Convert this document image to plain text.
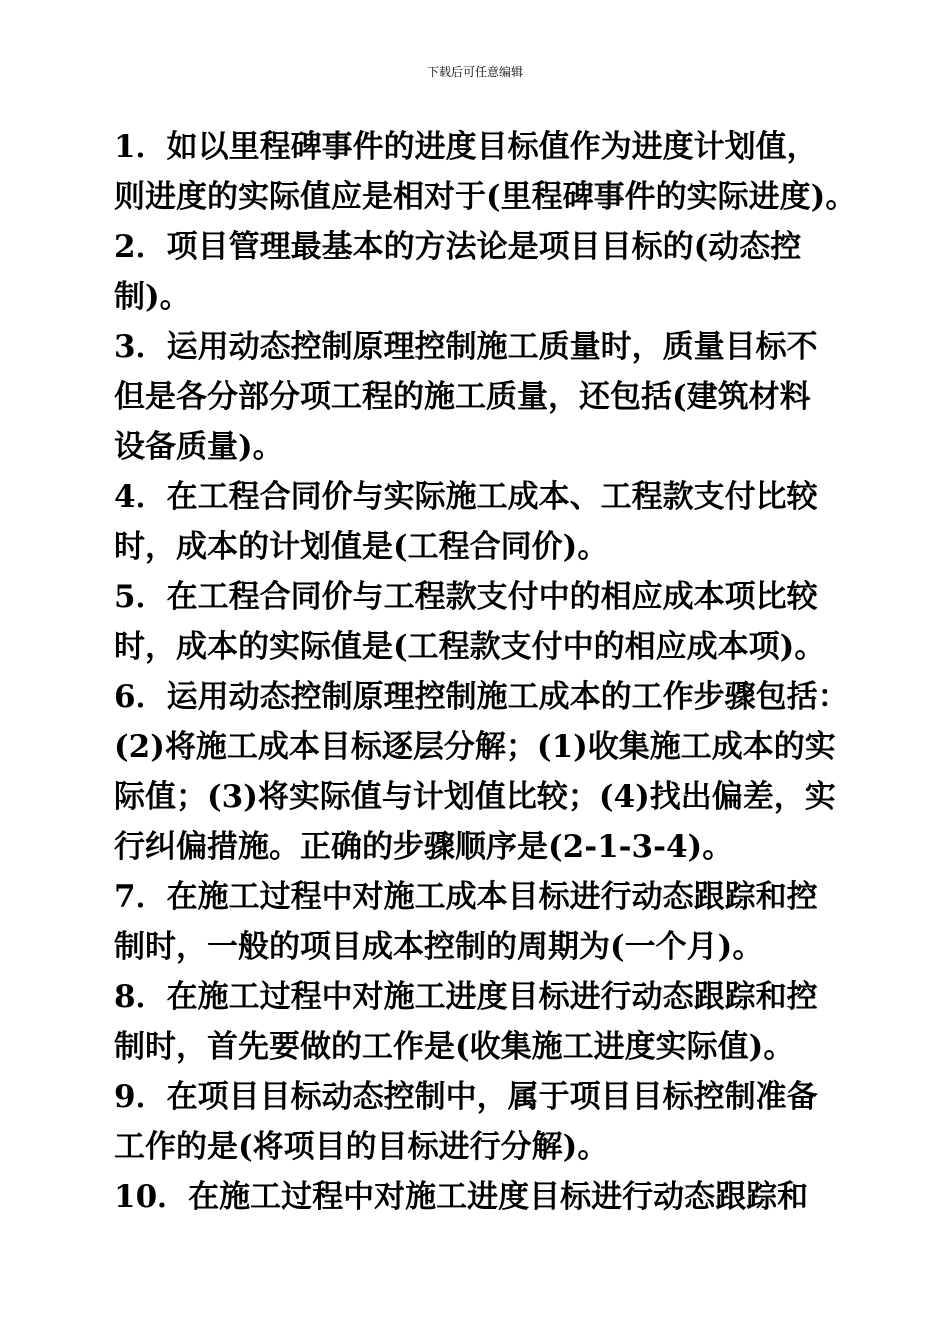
下载后可任意编辑
1．如以里程碑事件的进度目标值作为进度计划值，
则进度的实际值应是相对于(里程碑事件的实际进度)。
2．项目管理最基本的方法论是项目目标的(动态控
制)。
3．运用动态控制原理控制施工质量时，质量目标不
但是各分部分项工程的施工质量，还包括(建筑材料
设备质量)。
4．在工程合同价与实际施工成本、工程款支付比较
时，成本的计划值是(工程合同价)。
5．在工程合同价与工程款支付中的相应成本项比较
时，成本的实际值是(工程款支付中的相应成本项)。
6．运用动态控制原理控制施工成本的工作步骤包括：
(2)将施工成本目标逐层分解；(1)收集施工成本的实
际值；(3)将实际值与计划值比较；(4)找出偏差，实
行纠偏措施。正确的步骤顺序是(2-1-3-4)。
7．在施工过程中对施工成本目标进行动态跟踪和控
制时，一般的项目成本控制的周期为(一个月)。
8．在施工过程中对施工进度目标进行动态跟踪和控
制时，首先要做的工作是(收集施工进度实际值)。
9．在项目目标动态控制中，属于项目目标控制准备
工作的是(将项目的目标进行分解)。
10．在施工过程中对施工进度目标进行动态跟踪和
